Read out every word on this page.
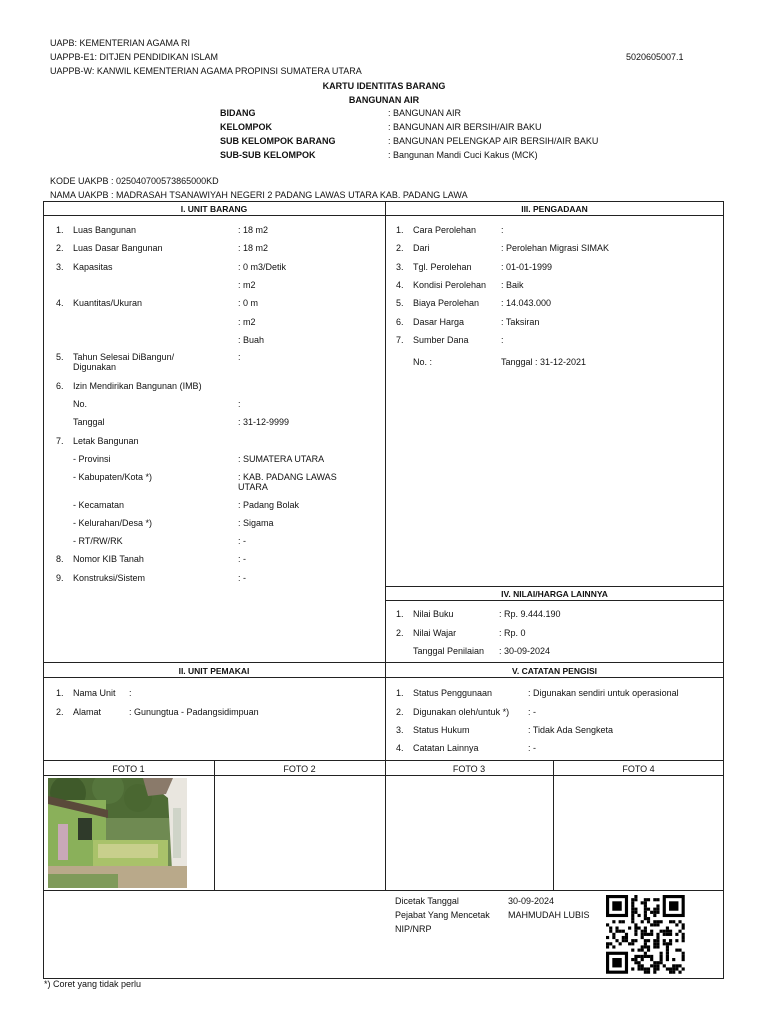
UAPB: KEMENTERIAN AGAMA RI
UAPPB-E1: DITJEN PENDIDIKAN ISLAM
UAPPB-W: KANWIL KEMENTERIAN AGAMA PROPINSI SUMATERA UTARA
5020605007.1
KARTU IDENTITAS BARANG
BANGUNAN AIR
BIDANG	: BANGUNAN AIR
KELOMPOK	: BANGUNAN AIR BERSIH/AIR BAKU
SUB KELOMPOK BARANG	: BANGUNAN PELENGKAP AIR BERSIH/AIR BAKU
SUB-SUB KELOMPOK	: Bangunan Mandi Cuci Kakus (MCK)
KODE UAKPB : 025040700573865000KD
NAMA UAKPB : MADRASAH TSANAWIYAH NEGERI 2 PADANG LAWAS UTARA KAB. PADANG LAWA
I. UNIT BARANG
1. Luas Bangunan	: 18 m2
2. Luas Dasar Bangunan	: 18 m2
3. Kapasitas	: 0 m3/Detik
: m2
4. Kuantitas/Ukuran	: 0 m
: m2
: Buah
5. Tahun Selesai DiBangun/ Digunakan
:
6. Izin Mendirikan Bangunan (IMB)
No.	:
Tanggal	: 31-12-9999
7. Letak Bangunan
- Provinsi	: SUMATERA UTARA
- Kabupaten/Kota *)	: KAB. PADANG LAWAS UTARA
- Kecamatan	: Padang Bolak
- Kelurahan/Desa *)	: Sigama
- RT/RW/RK	: -
8. Nomor KIB Tanah	: -
9. Konstruksi/Sistem	: -
III. PENGADAAN
1. Cara Perolehan	:
2. Dari	: Perolehan Migrasi SIMAK
3. Tgl. Perolehan	: 01-01-1999
4. Kondisi Perolehan : Baik
5. Biaya Perolehan : 14.043.000
6. Dasar Harga	: Taksiran
7. Sumber Dana	:
No. :	Tanggal : 31-12-2021
IV. NILAI/HARGA LAINNYA
1. Nilai Buku	: Rp. 9.444.190
2. Nilai Wajar	: Rp. 0
Tanggal Penilaian : 30-09-2024
II. UNIT PEMAKAI
1. Nama Unit :
2. Alamat	: Gunungtua - Padangsidimpuan
V. CATATAN PENGISI
1. Status Penggunaan	: Digunakan sendiri untuk operasional
2. Digunakan oleh/untuk *) : -
3. Status Hukum	: Tidak Ada Sengketa
4. Catatan Lainnya	: -
FOTO 1	FOTO 2	FOTO 3	FOTO 4
Dicetak Tanggal	30-09-2024
Pejabat Yang Mencetak MAHMUDAH LUBIS
NIP/NRP
*) Coret yang tidak perlu
